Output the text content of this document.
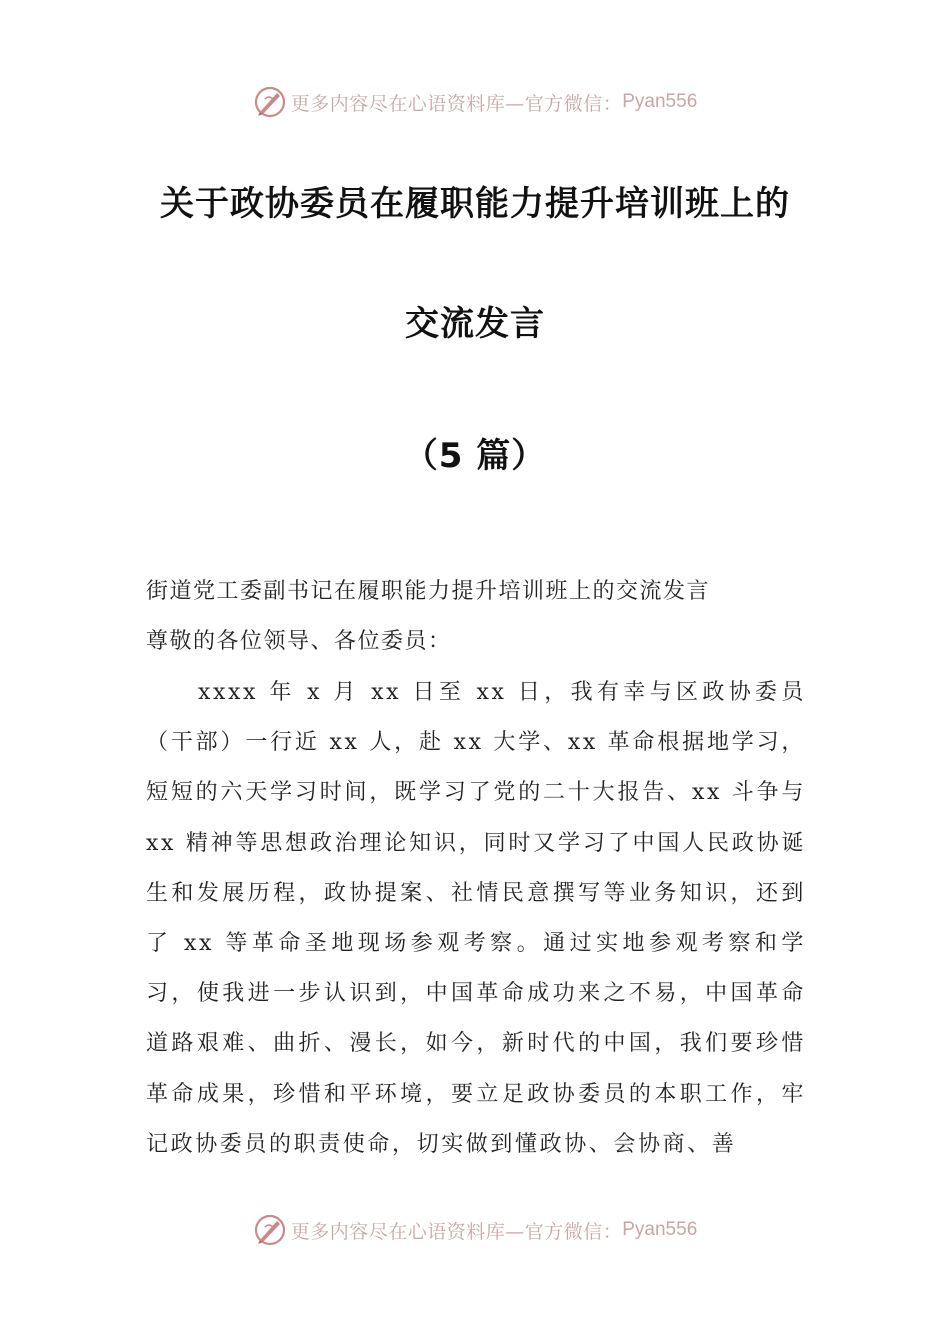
更多内容尽在心语资料库—官方微信： Pyan556
关于政协委员在履职能力提升培训班上的
交流发言
（5 篇）
街道党工委副书记在履职能力提升培训班上的交流发言
尊敬的各位领导、各位委员：
xxxx 年 x 月 xx 日至 xx 日，我有幸与区政协委员（干部）一行近 xx 人，赴 xx 大学、xx 革命根据地学习，短短的六天学习时间，既学习了党的二十大报告、xx 斗争与 xx 精神等思想政治理论知识，同时又学习了中国人民政协诞生和发展历程，政协提案、社情民意撰写等业务知识，还到了 xx 等革命圣地现场参观考察。通过实地参观考察和学习，使我进一步认识到，中国革命成功来之不易，中国革命道路艰难、曲折、漫长，如今，新时代的中国，我们要珍惜革命成果，珍惜和平环境，要立足政协委员的本职工作，牢记政协委员的职责使命，切实做到懂政协、会协商、善
更多内容尽在心语资料库—官方微信： Pyan556
